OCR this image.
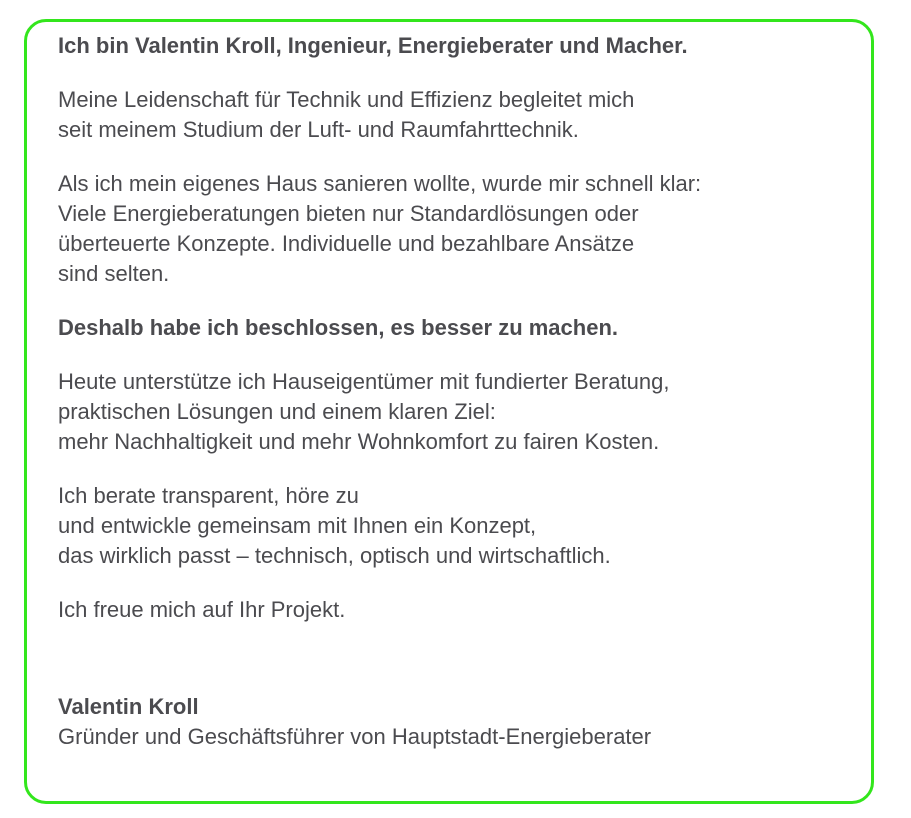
Ich bin Valentin Kroll, Ingenieur, Energieberater und Macher.

Meine Leidenschaft für Technik und Effizienz begleitet mich
seit meinem Studium der Luft- und Raumfahrttechnik.

Als ich mein eigenes Haus sanieren wollte, wurde mir schnell klar:
Viele Energieberatungen bieten nur Standardlösungen oder
überteuerte Konzepte. Individuelle und bezahlbare Ansätze
sind selten.

Deshalb habe ich beschlossen, es besser zu machen.

Heute unterstütze ich Hauseigentümer mit fundierter Beratung,
praktischen Lösungen und einem klaren Ziel:
mehr Nachhaltigkeit und mehr Wohnkomfort zu fairen Kosten.

Ich berate transparent, höre zu
und entwickle gemeinsam mit Ihnen ein Konzept,
das wirklich passt – technisch, optisch und wirtschaftlich.

Ich freue mich auf Ihr Projekt.

Valentin Kroll

Gründer und Geschäftsführer von Hauptstadt-Energieberater
